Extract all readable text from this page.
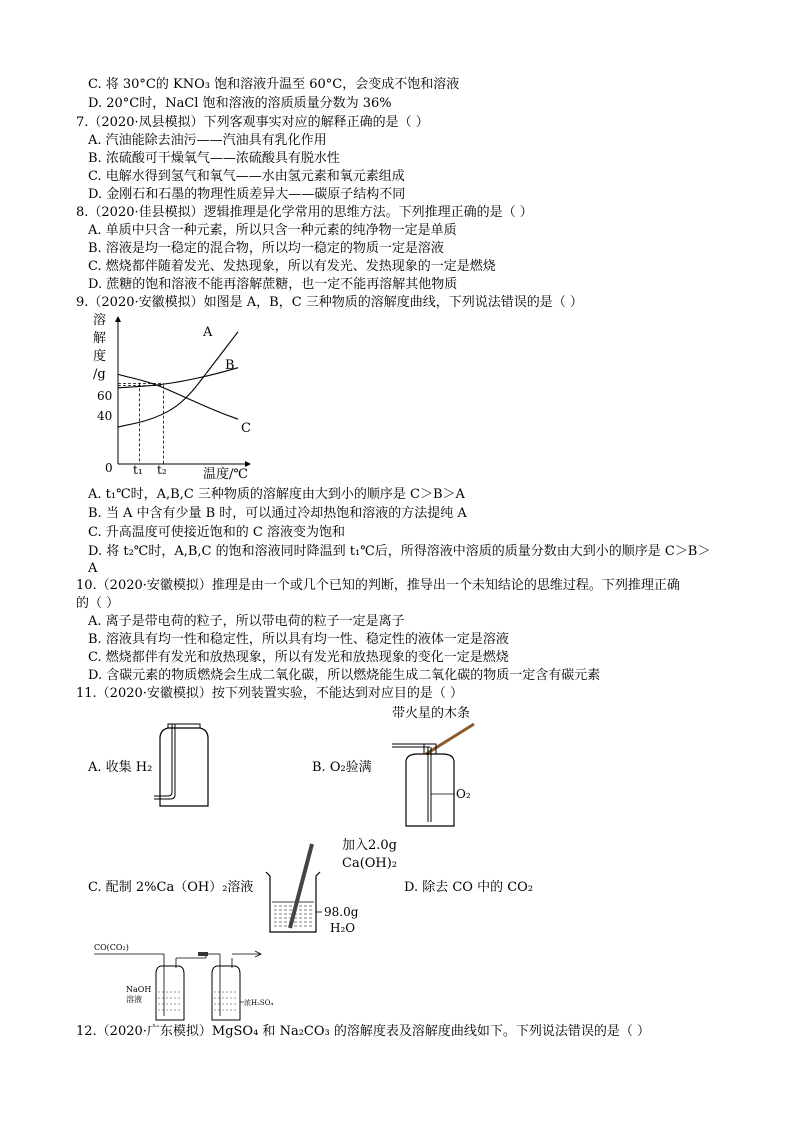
C. 将 30°C的 KNO₃ 饱和溶液升温至 60°C，会变成不饱和溶液
D. 20°C时，NaCl 饱和溶液的溶质质量分数为 36%
7.（2020·凤县模拟）下列客观事实对应的解释正确的是（ ）
A. 汽油能除去油污——汽油具有乳化作用
B. 浓硫酸可干燥氧气——浓硫酸具有脱水性
C. 电解水得到氢气和氧气——水由氢元素和氧元素组成
D. 金刚石和石墨的物理性质差异大——碳原子结构不同
8.（2020·佳县模拟）逻辑推理是化学常用的思维方法。下列推理正确的是（ ）
A. 单质中只含一种元素，所以只含一种元素的纯净物一定是单质
B. 溶液是均一稳定的混合物，所以均一稳定的物质一定是溶液
C. 燃烧都伴随着发光、发热现象，所以有发光、发热现象的一定是燃烧
D. 蔗糖的饱和溶液不能再溶解蔗糖，也一定不能再溶解其他物质
9.（2020·安徽模拟）如图是 A，B，C 三种物质的溶解度曲线，下列说法错误的是（ ）
溶
解
度
/g
60
40
0 t₁ t₂	温度/℃
A
B
C
A. t₁℃时，A,B,C 三种物质的溶解度由大到小的顺序是 C＞B＞A
B. 当 A 中含有少量 B 时，可以通过冷却热饱和溶液的方法提纯 A
C. 升高温度可使接近饱和的 C 溶液变为饱和
D. 将 t₂℃时，A,B,C 的饱和溶液同时降温到 t₁℃后，所得溶液中溶质的质量分数由大到小的顺序是 C＞B＞
A
10.（2020·安徽模拟）推理是由一个或几个已知的判断，推导出一个未知结论的思维过程。下列推理正确
的（ ）
A. 离子是带电荷的粒子，所以带电荷的粒子一定是离子
B. 溶液具有均一性和稳定性，所以具有均一性、稳定性的液体一定是溶液
C. 燃烧都伴有发光和放热现象，所以有发光和放热现象的变化一定是燃烧
D. 含碳元素的物质燃烧会生成二氧化碳，所以燃烧能生成二氧化碳的物质一定含有碳元素
11.（2020·安徽模拟）按下列装置实验，不能达到对应目的是（ ）
A. 收集 H₂	B. O₂验满
C. 配制 2%Ca（OH）₂溶液	D. 除去 CO 中的 CO₂
带火星的木条
O₂
加入2.0g
Ca(OH)₂
98.0g
H₂O
CO(CO₂)
NaOH
溶液	浓H₂SO₄
12.（2020·广东模拟）MgSO₄ 和 Na₂CO₃ 的溶解度表及溶解度曲线如下。下列说法错误的是（ ）
